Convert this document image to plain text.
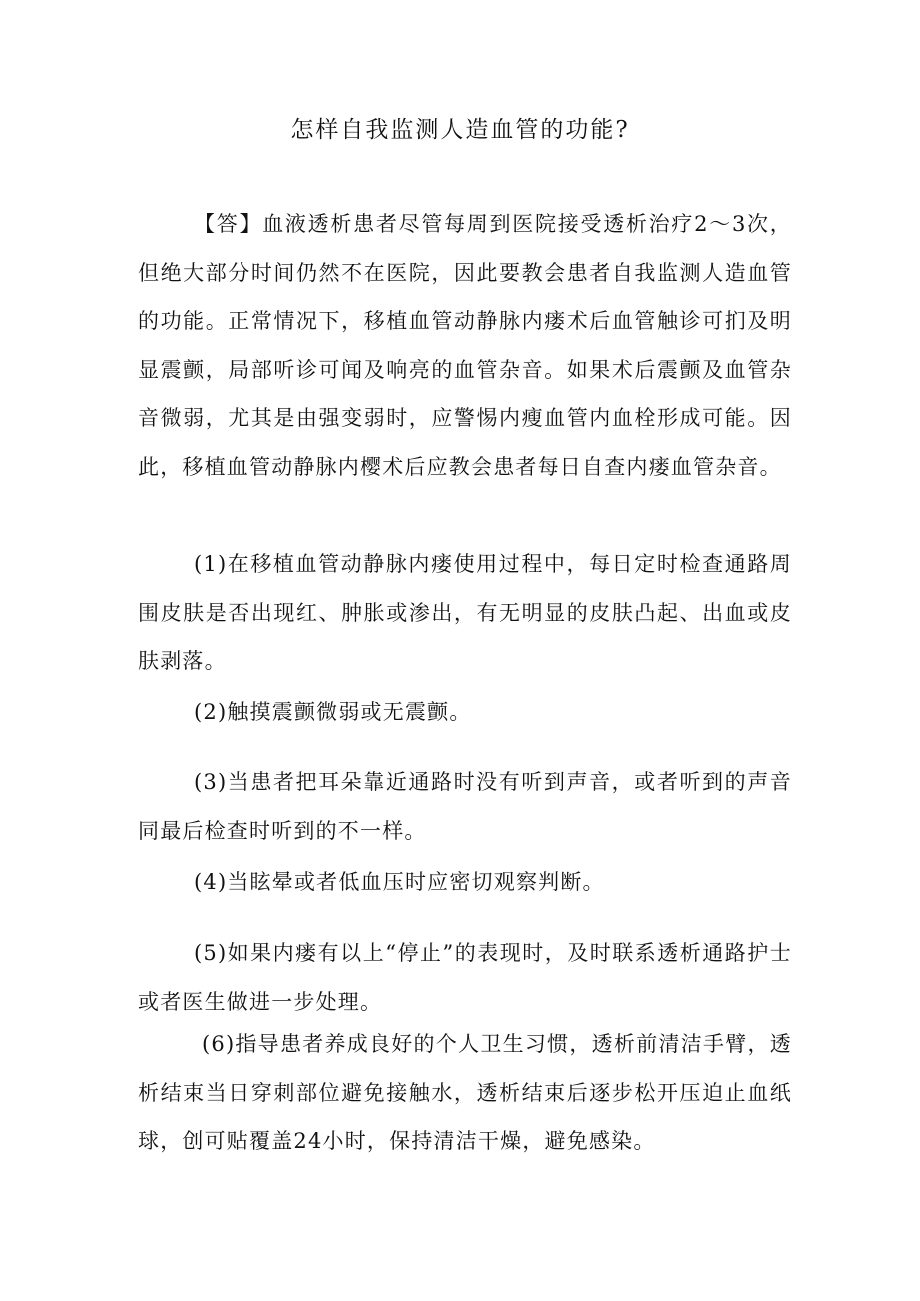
怎样自我监测人造血管的功能?

【答】血液透析患者尽管每周到医院接受透析治疗2～3次，但绝大部分时间仍然不在医院，因此要教会患者自我监测人造血管的功能。正常情况下，移植血管动静脉内瘘术后血管触诊可扪及明显震颤，局部听诊可闻及响亮的血管杂音。如果术后震颤及血管杂音微弱，尤其是由强变弱时，应警惕内瘦血管内血栓形成可能。因此，移植血管动静脉内樱术后应教会患者每日自查内瘘血管杂音。

(1)在移植血管动静脉内瘘使用过程中，每日定时检查通路周围皮肤是否出现红、肿胀或渗出，有无明显的皮肤凸起、出血或皮肤剥落。

(2)触摸震颤微弱或无震颤。

(3)当患者把耳朵靠近通路时没有听到声音，或者听到的声音同最后检查时听到的不一样。

(4)当眩晕或者低血压时应密切观察判断。

(5)如果内瘘有以上“停止”的表现时，及时联系透析通路护士或者医生做进一步处理。

(6)指导患者养成良好的个人卫生习惯，透析前清洁手臂，透析结束当日穿刺部位避免接触水，透析结束后逐步松开压迫止血纸球，创可贴覆盖24小时，保持清洁干燥，避免感染。
